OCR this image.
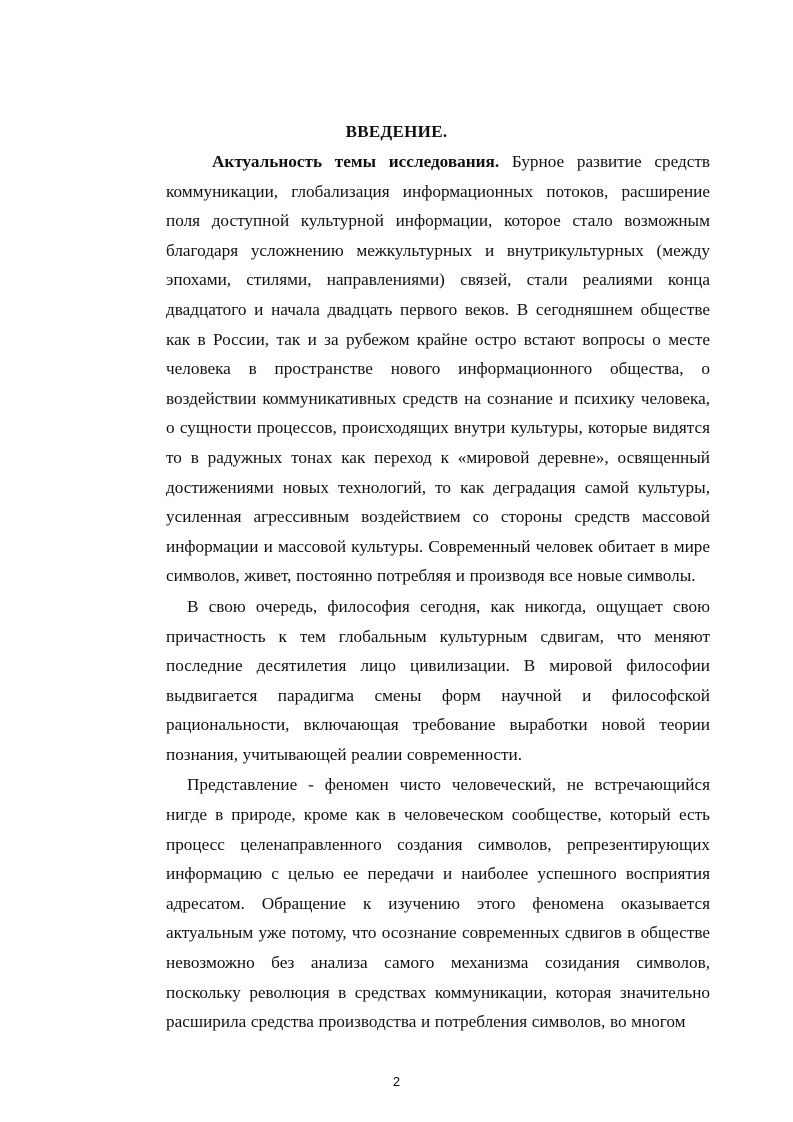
ВВЕДЕНИЕ.

Актуальность темы исследования. Бурное развитие средств коммуникации, глобализация информационных потоков, расширение поля доступной культурной информации, которое стало возможным благодаря усложнению межкультурных и внутрикультурных (между эпохами, стилями, направлениями) связей, стали реалиями конца двадцатого и начала двадцать первого веков. В сегодняшнем обществе как в России, так и за рубежом крайне остро встают вопросы о месте человека в пространстве нового информационного общества, о воздействии коммуникативных средств на сознание и психику человека, о сущности процессов, происходящих внутри культуры, которые видятся то в радужных тонах как переход к «мировой деревне», освященный достижениями новых технологий, то как деградация самой культуры, усиленная агрессивным воздействием со стороны средств массовой информации и массовой культуры. Современный человек обитает в мире символов, живет, постоянно потребляя и производя все новые символы.

В свою очередь, философия сегодня, как никогда, ощущает свою причастность к тем глобальным культурным сдвигам, что меняют последние десятилетия лицо цивилизации. В мировой философии выдвигается парадигма смены форм научной и философской рациональности, включающая требование выработки новой теории познания, учитывающей реалии современности.

Представление - феномен чисто человеческий, не встречающийся нигде в природе, кроме как в человеческом сообществе, который есть процесс целенаправленного создания символов, репрезентирующих информацию с целью ее передачи и наиболее успешного восприятия адресатом. Обращение к изучению этого феномена оказывается актуальным уже потому, что осознание современных сдвигов в обществе невозможно без анализа самого механизма созидания символов, поскольку революция в средствах коммуникации, которая значительно расширила средства производства и потребления символов, во многом

2
